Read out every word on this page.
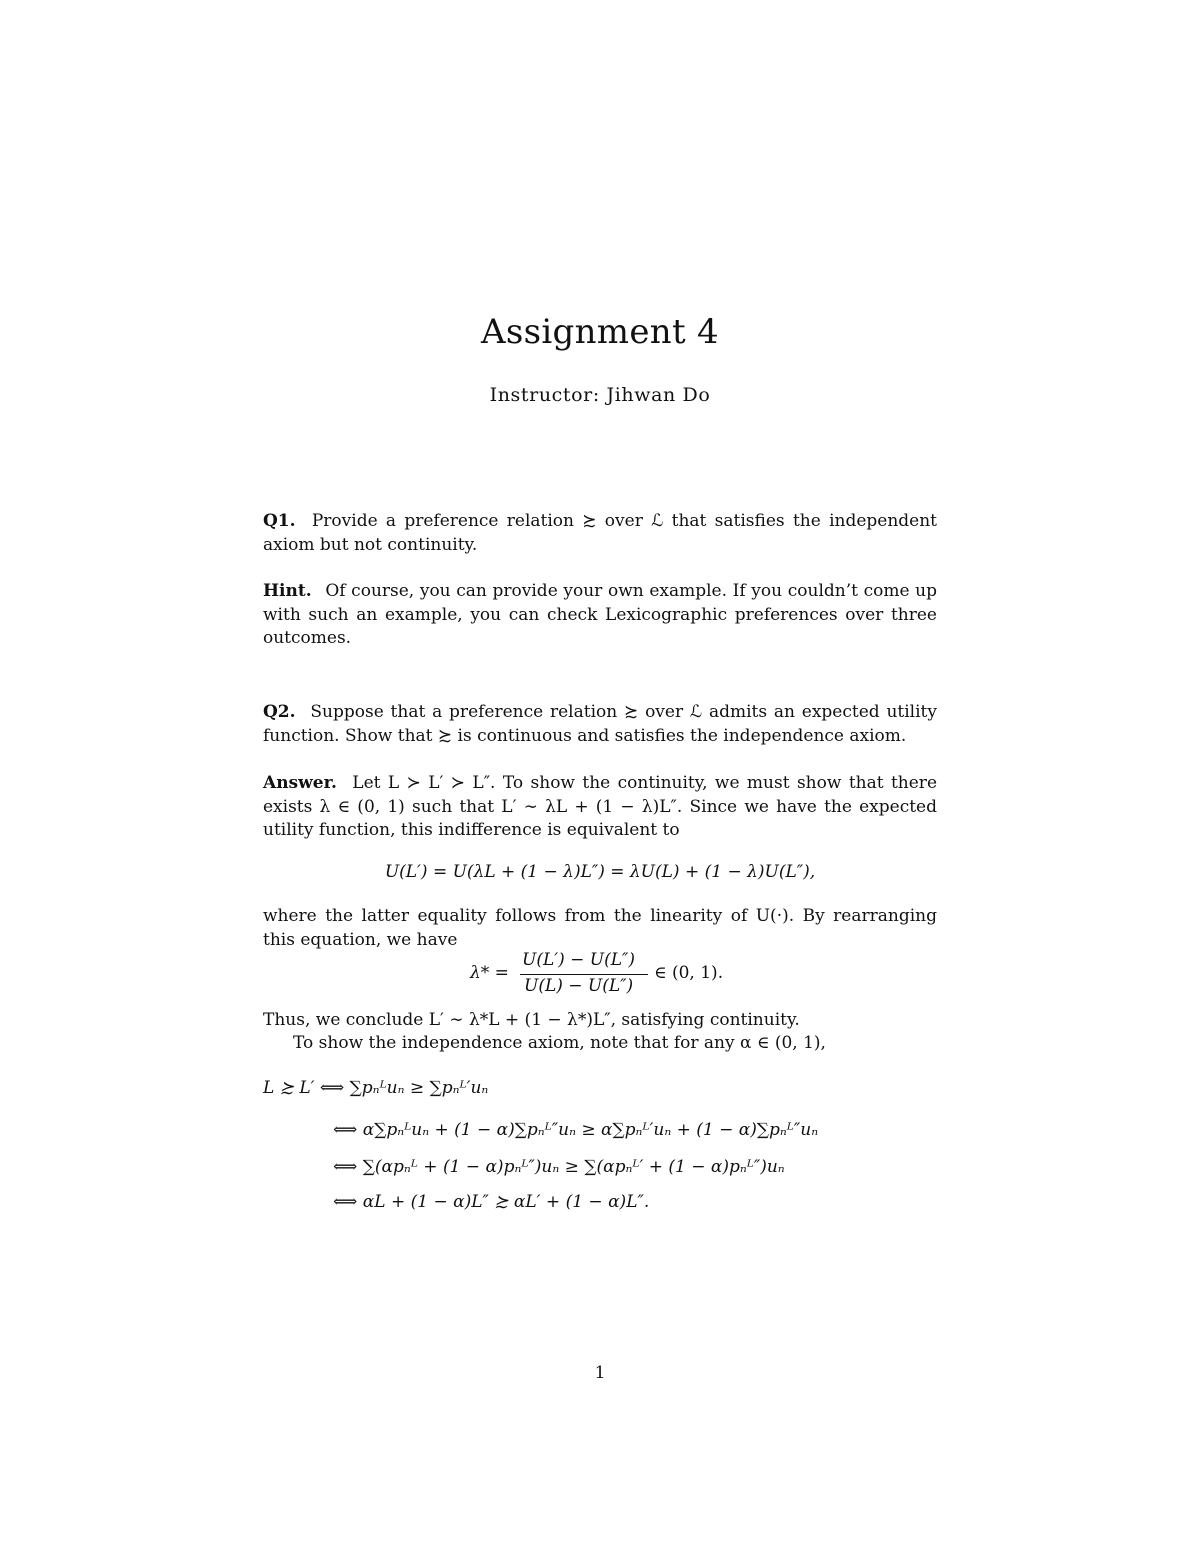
Assignment 4
Instructor: Jihwan Do
Q1. Provide a preference relation ≿ over ℒ that satisfies the independent axiom but not continuity.
Hint. Of course, you can provide your own example. If you couldn’t come up with such an example, you can check Lexicographic preferences over three outcomes.
Q2. Suppose that a preference relation ≿ over ℒ admits an expected utility function. Show that ≿ is continuous and satisfies the independence axiom.
Answer. Let L ≻ L′ ≻ L″. To show the continuity, we must show that there exists λ ∈ (0, 1) such that L′ ∼ λL + (1 − λ)L″. Since we have the expected utility function, this indifference is equivalent to
U(L′) = U(λL + (1 − λ)L″) = λU(L) + (1 − λ)U(L″),
where the latter equality follows from the linearity of U(·). By rearranging this equation, we have
λ* =
U(L′) − U(L″)
U(L) − U(L″)
∈ (0, 1).
Thus, we conclude L′ ∼ λ*L + (1 − λ*)L″, satisfying continuity.
To show the independence axiom, note that for any α ∈ (0, 1),
L ≿ L′ ⟺ ∑pₙᴸuₙ ≥ ∑pₙᴸ′uₙ
⟺ α∑pₙᴸuₙ + (1 − α)∑pₙᴸ″uₙ ≥ α∑pₙᴸ′uₙ + (1 − α)∑pₙᴸ″uₙ
⟺ ∑(αpₙᴸ + (1 − α)pₙᴸ″)uₙ ≥ ∑(αpₙᴸ′ + (1 − α)pₙᴸ″)uₙ
⟺ αL + (1 − α)L″ ≿ αL′ + (1 − α)L″.
1
